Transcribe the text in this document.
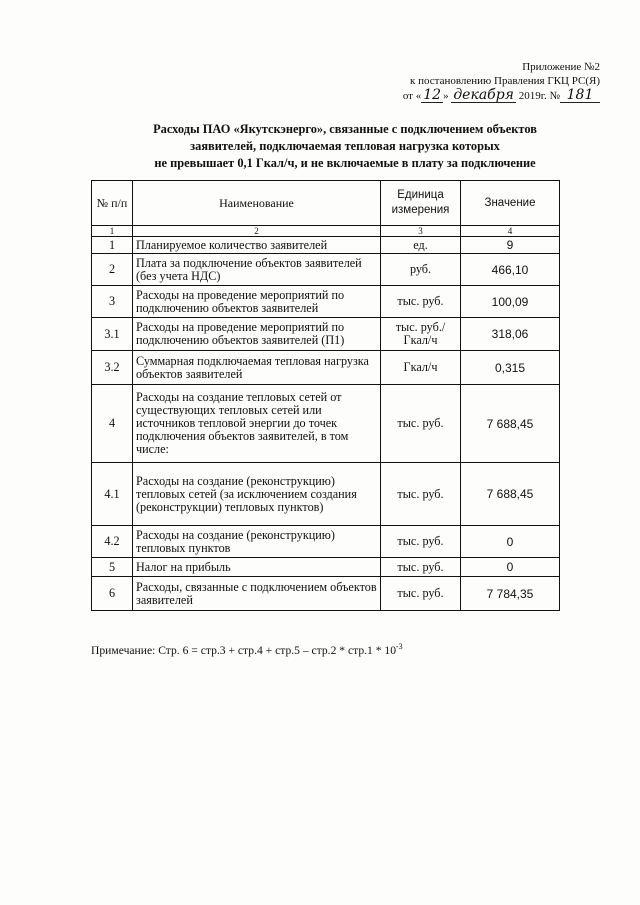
Приложение №2
к постановлению Правления ГКЦ РС(Я)
от « 12 » декабря 2019г. № 181
Расходы ПАО «Якутскэнерго», связанные с подключением объектов
заявителей, подключаемая тепловая нагрузка которых
не превышает 0,1 Гкал/ч, и не включаемые в плату за подключение
№ п/п	Наименование	Единица измерения	Значение
1	2	3	4
1	Планируемое количество заявителей	ед.	9
2	Плата за подключение объектов заявителей (без учета НДС)	руб.	466,10
3	Расходы на проведение мероприятий по подключению объектов заявителей	тыс. руб.	100,09
3.1	Расходы на проведение мероприятий по подключению объектов заявителей (П1)	тыс. руб./ Гкал/ч	318,06
3.2	Суммарная подключаемая тепловая нагрузка объектов заявителей	Гкал/ч	0,315
4	Расходы на создание тепловых сетей от существующих тепловых сетей или источников тепловой энергии до точек подключения объектов заявителей, в том числе:	тыс. руб.	7 688,45
4.1	Расходы на создание (реконструкцию) тепловых сетей (за исключением создания (реконструкции) тепловых пунктов)	тыс. руб.	7 688,45
4.2	Расходы на создание (реконструкцию) тепловых пунктов	тыс. руб.	0
5	Налог на прибыль	тыс. руб.	0
6	Расходы, связанные с подключением объектов заявителей	тыс. руб.	7 784,35
Примечание: Стр. $6 = стр.3 + стр.4 + стр.5 - стр.2 * стр.1 * 10^{-3}$
